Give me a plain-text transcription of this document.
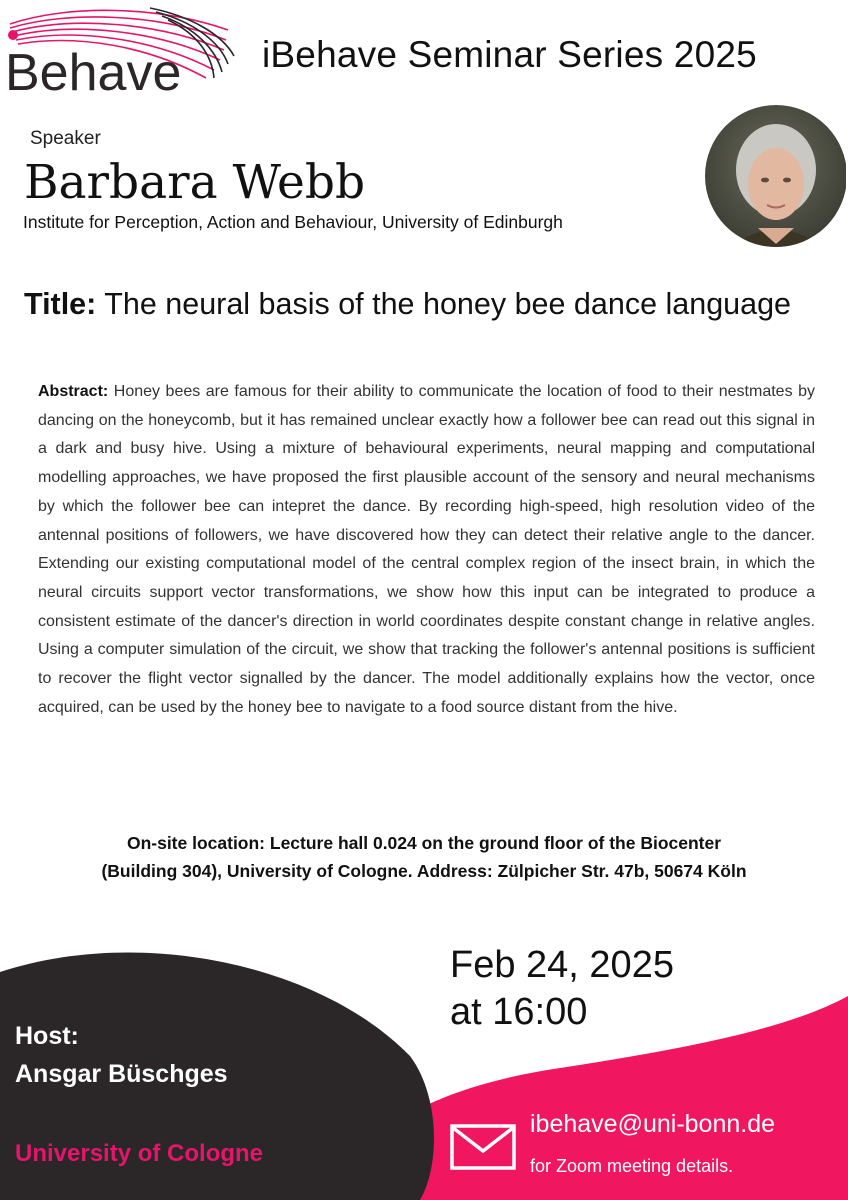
Behave iBehave Seminar Series 2025
Speaker
Barbara Webb
Institute for Perception, Action and Behaviour, University of Edinburgh
Title: The neural basis of the honey bee dance language
Abstract: Honey bees are famous for their ability to communicate the location of food to their nestmates by dancing on the honeycomb, but it has remained unclear exactly how a follower bee can read out this signal in a dark and busy hive. Using a mixture of behavioural experiments, neural mapping and computational modelling approaches, we have proposed the first plausible account of the sensory and neural mechanisms by which the follower bee can intepret the dance. By recording high-speed, high resolution video of the antennal positions of followers, we have discovered how they can detect their relative angle to the dancer. Extending our existing computational model of the central complex region of the insect brain, in which the neural circuits support vector transformations, we show how this input can be integrated to produce a consistent estimate of the dancer's direction in world coordinates despite constant change in relative angles. Using a computer simulation of the circuit, we show that tracking the follower's antennal positions is sufficient to recover the flight vector signalled by the dancer. The model additionally explains how the vector, once acquired, can be used by the honey bee to navigate to a food source distant from the hive.
On-site location: Lecture hall 0.024 on the ground floor of the Biocenter
(Building 304), University of Cologne. Address: Zülpicher Str. 47b, 50674 Köln
Feb 24, 2025
at 16:00
Host:
Ansgar Büschges
University of Cologne
ibehave@uni-bonn.de
for Zoom meeting details.
